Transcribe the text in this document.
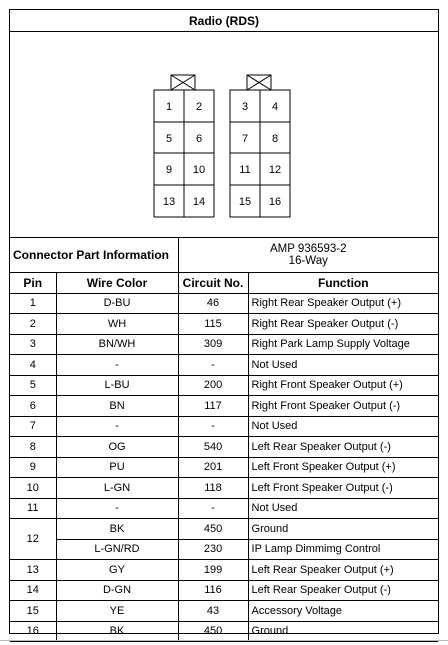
Radio (RDS)
1 2
5 6
9 10
13 14
3 4
7 8
11 12
15 16
Connector Part Information		AMP 936593-2
16-Way	

Pin	Wire Color	Circuit No.	Function
1	D-BU	46	Right Rear Speaker Output (+)
2	WH	115	Right Rear Speaker Output (-)
3	BN/WH	309	Right Park Lamp Supply Voltage
4	-	-	Not Used
5	L-BU	200	Right Front Speaker Output (+)
6	BN	117	Right Front Speaker Output (-)
7	-	-	Not Used
8	OG	540	Left Rear Speaker Output (-)
9	PU	201	Left Front Speaker Output (+)
10	L-GN	118	Left Front Speaker Output (-)
11	-	-	Not Used
12	BK	450	Ground
	L-GN/RD	230	IP Lamp Dimmimg Control
13	GY	199	Left Rear Speaker Output (+)
14	D-GN	116	Left Rear Speaker Output (-)
15	YE	43	Accessory Voltage
16	BK	450	Ground
